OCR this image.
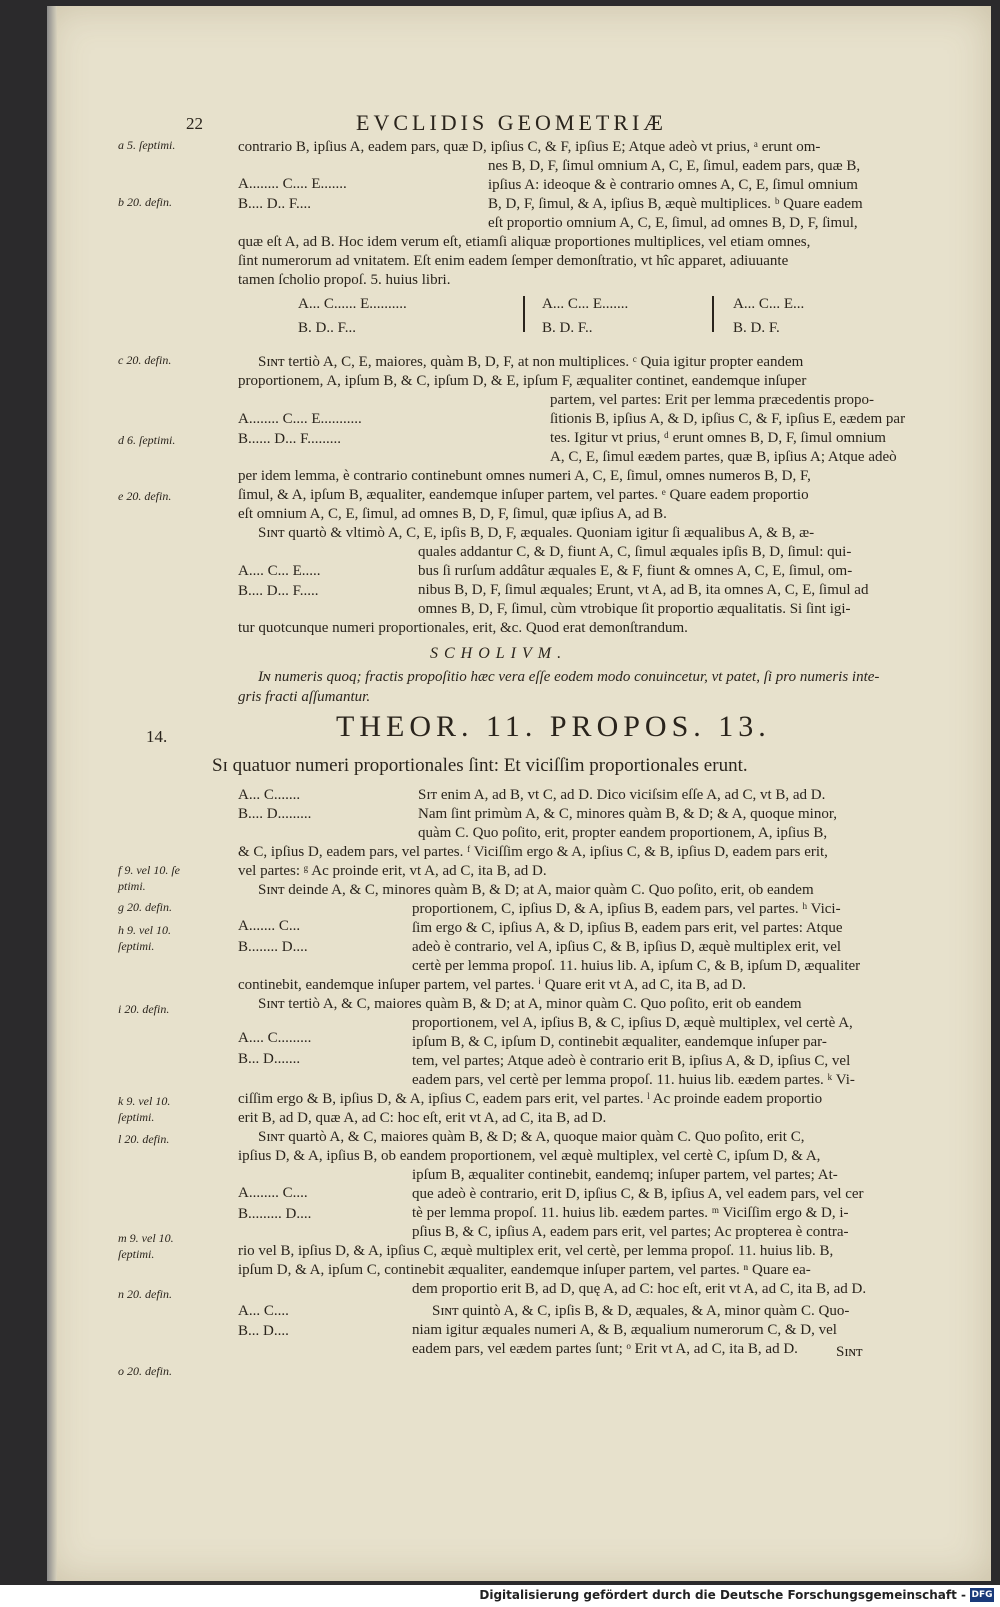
22	EVCLIDIS GEOMETRIÆ
a 5. ſeptimi.
b 20. defin.
c 20. defin.
d 6. ſeptimi.
e 20. defin.
f 9. vel 10. ſe ptimi.
g 20. defin.
h 9. vel 10. ſeptimi.
i 20. defin.
k 9. vel 10. ſeptimi.
l 20. defin.
m 9. vel 10. ſeptimi.
n 20. defin.
o 20. defin.
contrario B, ipſius A, eadem pars, quæ D, ipſius C, & F, ipſius E; Atque adeò vt prius, ᵃ erunt om-
nes B, D, F, ſimul omnium A, C, E, ſimul, eadem pars, quæ B,
ipſius A: ideoque & è contrario omnes A, C, E, ſimul omnium
B, D, F, ſimul, & A, ipſius B, æquè multiplices. ᵇ Quare eadem
eſt proportio omnium A, C, E, ſimul, ad omnes B, D, F, ſimul,
quæ eſt A, ad B. Hoc idem verum eſt, etiamſi aliquæ proportiones multiplices, vel etiam omnes,
ſint numerorum ad vnitatem. Eſt enim eadem ſemper demonſtratio, vt hîc apparet, adiuuante
tamen ſcholio propoſ. 5. huius libri.
A........ C.... E.......
B.... D.. F....
A... C...... E..........
B. D.. F...
A... C... E.......
B. D. F..
A... C... E...
B. D. F.
Sɪɴᴛ tertiò A, C, E, maiores, quàm B, D, F, at non multiplices. ᶜ Quia igitur propter eandem
proportionem, A, ipſum B, & C, ipſum D, & E, ipſum F, æqualiter continet, eandemque inſuper
partem, vel partes: Erit per lemma præcedentis propo-
ſitionis B, ipſius A, & D, ipſius C, & F, ipſius E, eædem par
tes. Igitur vt prius, ᵈ erunt omnes B, D, F, ſimul omnium
A, C, E, ſimul eædem partes, quæ B, ipſius A; Atque adeò
per idem lemma, è contrario continebunt omnes numeri A, C, E, ſimul, omnes numeros B, D, F,
ſimul, & A, ipſum B, æqualiter, eandemque inſuper partem, vel partes. ᵉ Quare eadem proportio
eſt omnium A, C, E, ſimul, ad omnes B, D, F, ſimul, quæ ipſius A, ad B.
A........ C.... E...........
B...... D... F.........
Sɪɴᴛ quartò & vltimò A, C, E, ipſis B, D, F, æquales. Quoniam igitur ſi æqualibus A, & B, æ-
quales addantur C, & D, fiunt A, C, ſimul æquales ipſis B, D, ſimul: qui-
bus ſi rurſum addâtur æquales E, & F, fiunt & omnes A, C, E, ſimul, om-
nibus B, D, F, ſimul æquales; Erunt, vt A, ad B, ita omnes A, C, E, ſimul ad
omnes B, D, F, ſimul, cùm vtrobique ſit proportio æqualitatis. Si ſint igi-
tur quotcunque numeri proportionales, erit, &c. Quod erat demonſtrandum.
A.... C... E.....
B.... D... F.....
SCHOLIVM.
Iɴ numeris quoq; fractis propoſitio hæc vera eſſe eodem modo conuincetur, vt patet, ſi pro numeris inte-
gris fracti aſſumantur.
14.	THEOR. 11. PROPOS. 13.
Sɪ quatuor numeri proportionales ſint: Et viciſſim proportionales erunt.
Sɪᴛ enim A, ad B, vt C, ad D. Dico viciſsim eſſe A, ad C, vt B, ad D.
Nam ſint primùm A, & C, minores quàm B, & D; & A, quoque minor,
quàm C. Quo poſito, erit, propter eandem proportionem, A, ipſius B,
& C, ipſius D, eadem pars, vel partes. ᶠ Viciſſim ergo & A, ipſius C, & B, ipſius D, eadem pars erit,
vel partes: ᵍ Ac proinde erit, vt A, ad C, ita B, ad D.
A... C.......
B.... D.........
Sɪɴᴛ deinde A, & C, minores quàm B, & D; at A, maior quàm C. Quo poſito, erit, ob eandem
proportionem, C, ipſius D, & A, ipſius B, eadem pars, vel partes. ʰ Vici-
ſim ergo & C, ipſius A, & D, ipſius B, eadem pars erit, vel partes: Atque
adeò è contrario, vel A, ipſius C, & B, ipſius D, æquè multiplex erit, vel
certè per lemma propoſ. 11. huius lib. A, ipſum C, & B, ipſum D, æqualiter
continebit, eandemque inſuper partem, vel partes. ⁱ Quare erit vt A, ad C, ita B, ad D.
A....... C...
B........ D....
Sɪɴᴛ tertiò A, & C, maiores quàm B, & D; at A, minor quàm C. Quo poſito, erit ob eandem
proportionem, vel A, ipſius B, & C, ipſius D, æquè multiplex, vel certè A,
ipſum B, & C, ipſum D, continebit æqualiter, eandemque inſuper par-
tem, vel partes; Atque adeò è contrario erit B, ipſius A, & D, ipſius C, vel
eadem pars, vel certè per lemma propoſ. 11. huius lib. eædem partes. ᵏ Vi-
ciſſim ergo & B, ipſius D, & A, ipſius C, eadem pars erit, vel partes. ˡ Ac proinde eadem proportio
erit B, ad D, quæ A, ad C: hoc eſt, erit vt A, ad C, ita B, ad D.
A.... C.........
B... D.......
Sɪɴᴛ quartò A, & C, maiores quàm B, & D; & A, quoque maior quàm C. Quo poſito, erit C,
ipſius D, & A, ipſius B, ob eandem proportionem, vel æquè multiplex, vel certè C, ipſum D, & A,
ipſum B, æqualiter continebit, eandemq; inſuper partem, vel partes; At-
que adeò è contrario, erit D, ipſius C, & B, ipſius A, vel eadem pars, vel cer
tè per lemma propoſ. 11. huius lib. eædem partes. ᵐ Viciſſim ergo & D, i-
pſius B, & C, ipſius A, eadem pars erit, vel partes; Ac propterea è contra-
rio vel B, ipſius D, & A, ipſius C, æquè multiplex erit, vel certè, per lemma propoſ. 11. huius lib. B,
ipſum D, & A, ipſum C, continebit æqualiter, eandemque inſuper partem, vel partes. ⁿ Quare ea-
dem proportio erit B, ad D, quę A, ad C: hoc eſt, erit vt A, ad C, ita B, ad D.
A........ C....
B......... D....
Sɪɴᴛ quintò A, & C, ipſis B, & D, æquales, & A, minor quàm C. Quo-
niam igitur æquales numeri A, & B, æqualium numerorum C, & D, vel
eadem pars, vel eædem partes ſunt; ᵒ Erit vt A, ad C, ita B, ad D.
A... C....
B... D....
Sɪɴᴛ
Digitalisierung gefördert durch die Deutsche Forschungsgemeinschaft - DFG
